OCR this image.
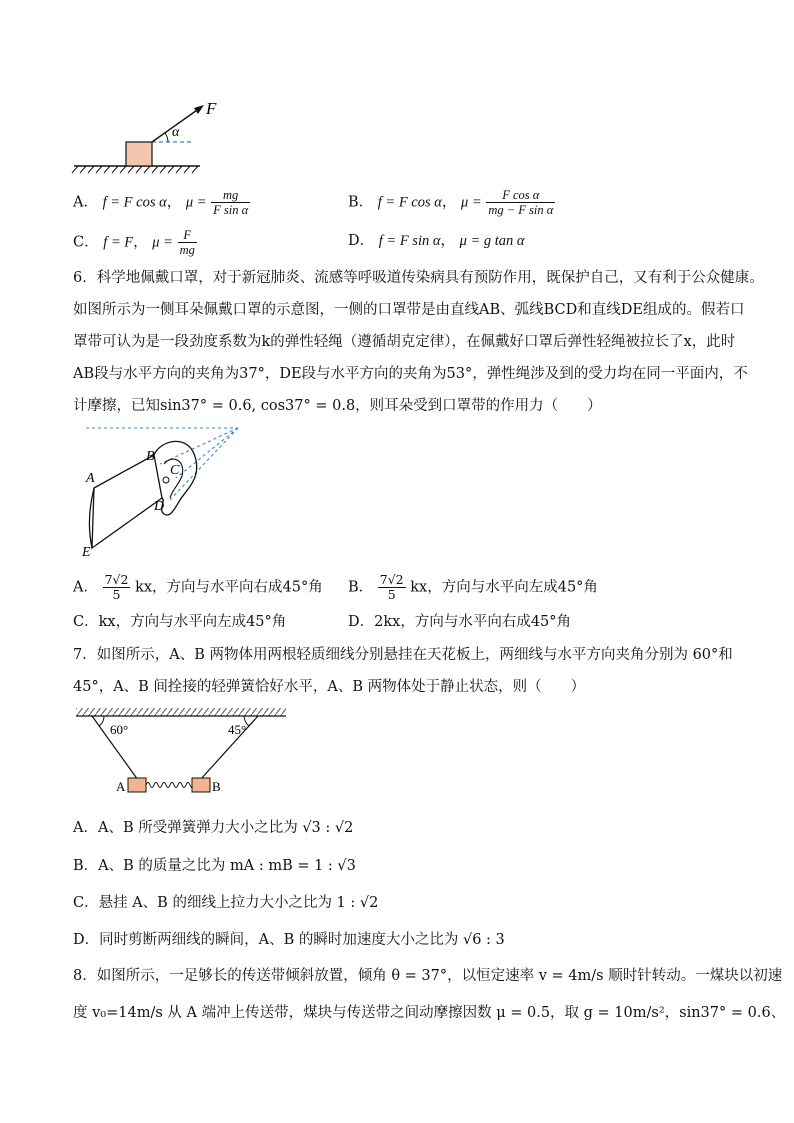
F
α
A． f = F cos α， $\mu = \frac{mg}{\text{F sin α}}$	B． f = F cos α， $\mu = \frac{\text{F cos α}}{\text{mg − F sin α}}$
C． f = F， $\mu = \frac{F}{mg}$	D． f = F sin α， μ = g tan α
6．科学地佩戴口罩，对于新冠肺炎、流感等呼吸道传染病具有预防作用，既保护自己，又有利于公众健康。
如图所示为一侧耳朵佩戴口罩的示意图，一侧的口罩带是由直线AB、弧线BCD和直线DE组成的。假若口
罩带可认为是一段劲度系数为k的弹性轻绳（遵循胡克定律），在佩戴好口罩后弹性轻绳被拉长了x，此时
AB段与水平方向的夹角为37°，DE段与水平方向的夹角为53°，弹性绳涉及到的受力均在同一平面内，不
计摩擦，已知sin37° = 0.6, cos37° = 0.8，则耳朵受到口罩带的作用力（　　）
A
B
C
D
E
A． $\frac{7√2}{5}$ kx，方向与水平向右成45°角 B． $\frac{7√2}{5}$ kx，方向与水平向左成45°角
C．kx，方向与水平向左成45°角	D．2kx，方向与水平向右成45°角
7．如图所示，A、B 两物体用两根轻质细线分别悬挂在天花板上，两细线与水平方向夹角分别为 60°和
45°，A、B 间拴接的轻弹簧恰好水平，A、B 两物体处于静止状态，则（　　）
60°	45°
A	B
A．A、B 所受弹簧弹力大小之比为 √3 : √2
B．A、B 的质量之比为 mA : mB = 1 : √3
C．悬挂 A、B 的细线上拉力大小之比为 1 : √2
D．同时剪断两细线的瞬间，A、B 的瞬时加速度大小之比为 √6 : 3
8．如图所示，一足够长的传送带倾斜放置，倾角 θ = 37°，以恒定速率 v = 4m/s 顺时针转动。一煤块以初速
度 v₀=14m/s 从 A 端冲上传送带，煤块与传送带之间动摩擦因数 μ = 0.5，取 g = 10m/s²，sin37° = 0.6、
